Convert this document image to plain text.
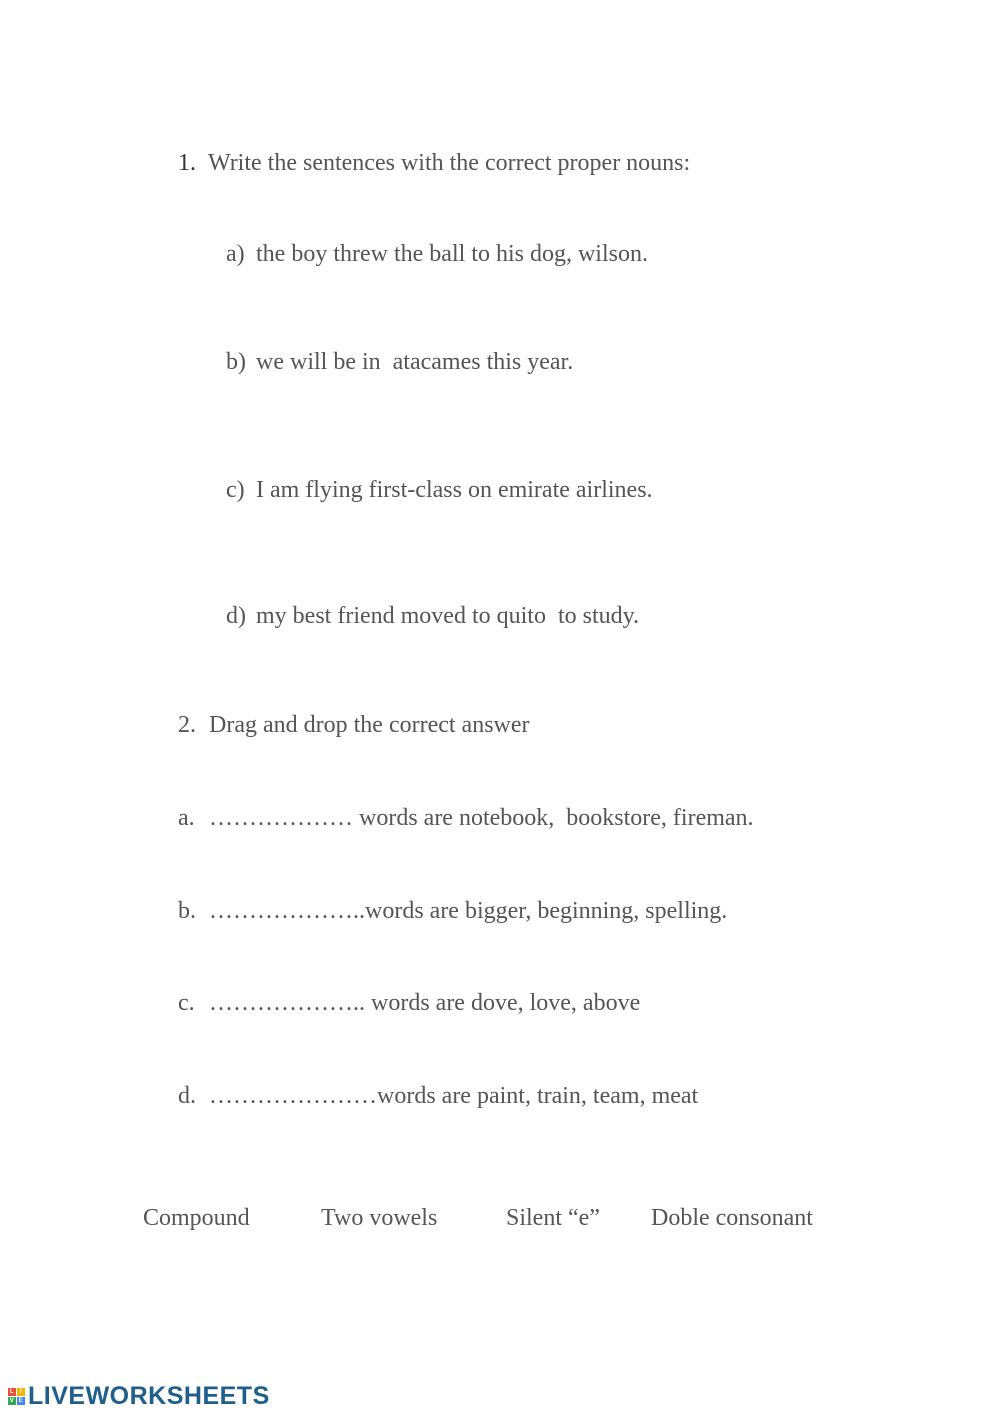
1. Write the sentences with the correct proper nouns:

a) the boy threw the ball to his dog, wilson.

b) we will be in  atacames this year.

c) I am flying first-class on emirate airlines.

d) my best friend moved to quito  to study.

2. Drag and drop the correct answer

a. ……………… words are notebook,  bookstore, fireman.

b. ………………..words are bigger, beginning, spelling.

c. ……………….. words are dove, love, above

d. …………………words are paint, train, team, meat

Compound	Two vowels	Silent “e” Doble consonant
L I
V E LIVEWORKSHEETS
